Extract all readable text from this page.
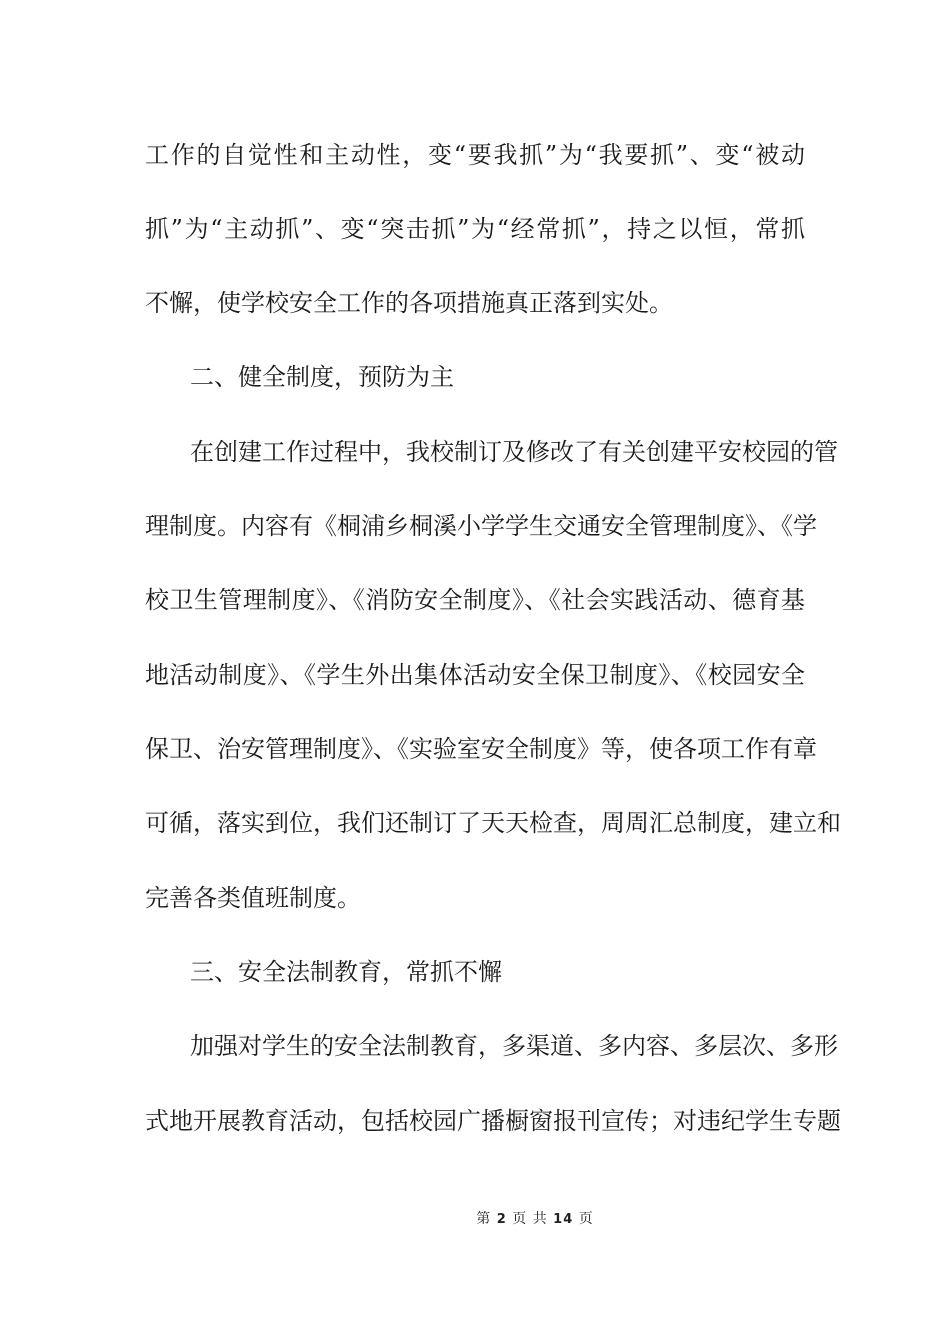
工作的自觉性和主动性，变“要我抓”为“我要抓”、变“被动
抓”为“主动抓”、变“突击抓”为“经常抓”，持之以恒，常抓
不懈，使学校安全工作的各项措施真正落到实处。
二、健全制度，预防为主
在创建工作过程中，我校制订及修改了有关创建平安校园的管
理制度。内容有《桐浦乡桐溪小学学生交通安全管理制度》、《学
校卫生管理制度》、《消防安全制度》、《社会实践活动、德育基
地活动制度》、《学生外出集体活动安全保卫制度》、《校园安全
保卫、治安管理制度》、《实验室安全制度》等，使各项工作有章
可循，落实到位，我们还制订了天天检查，周周汇总制度，建立和
完善各类值班制度。
三、安全法制教育，常抓不懈
加强对学生的安全法制教育，多渠道、多内容、多层次、多形
式地开展教育活动，包括校园广播橱窗报刊宣传；对违纪学生专题
第 2 页 共 14 页
